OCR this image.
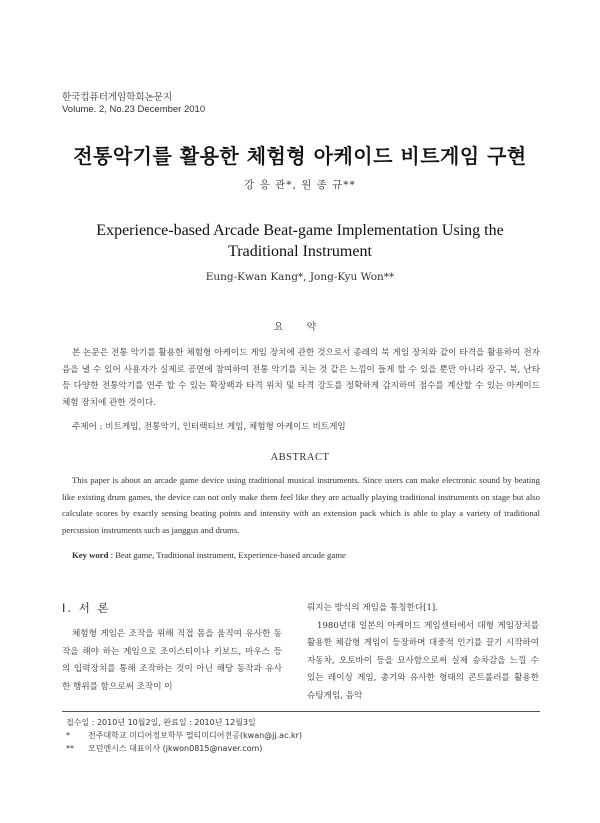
한국컴퓨터게임학회논문지
Volume. 2, No.23 December 2010
전통악기를 활용한 체험형 아케이드 비트게임 구현
강 응 관*, 원 종 규**
Experience-based Arcade Beat-game Implementation Using the Traditional Instrument
Eung-Kwan Kang*, Jong-Kyu Won**
요 약
본 논문은 전통 악기를 활용한 체험형 아케이드 게임 장치에 관한 것으로서 종래의 북 게임 장치와 같이 타격을 활용하여 전자음을 낼 수 있어 사용자가 실제로 공연에 참여하여 전통 악기를 치는 것 같은 느낌이 들게 할 수 있을 뿐만 아니라 장구, 북, 난타 등 다양한 전통악기를 연주 할 수 있는 확장팩과 타격 위치 및 타격 강도를 정확하게 감지하여 점수를 계산할 수 있는 아케이드 체험 장치에 관한 것이다.
주제어 : 비트게임, 전통악기, 인터랙티브 게임, 체험형 아케이드 비트게임
ABSTRACT
This paper is about an arcade game device using traditional musical instruments. Since users can make electronic sound by beating like existing drum games, the device can not only make them feel like they are actually playing traditional instruments on stage but also calculate scores by exactly sensing beating points and intensity with an extension pack which is able to play a variety of traditional percussion instruments such as janggus and drums.
Key word : Beat game, Traditional instrument, Experience-based arcade game
Ⅰ. 서 론
체험형 게임은 조작을 위해 직접 몸을 움직여 유사한 동작을 해야 하는 게임으로 조이스티이나 키보드, 마우스 등의 입력장치를 통해 조작하는 것이 아닌 해당 동작과 유사한 행위를 함으로써 조작이 이
뤄지는 방식의 게임을 통칭한다[1].
1980년대 일본의 아케이드 게임센터에서 대형 게임장치를 활용한 체감형 게임이 등장하며 대중적 인기를 끌기 시작하여 자동차, 오토바이 등을 묘사함으로써 실제 승차감을 느낄 수 있는 레이싱 게임, 총기와 유사한 형태의 콘트롤러를 활용한 슈팅게임, 음악
접수일 : 2010년 10월2일, 완료일 : 2010년 12월3일
* 전주대학교 미디어정보학부 멀티미디어전공(kwan@jj.ac.kr)
** 모던엔시스 대표이사 (jkwon0815@naver.com)
